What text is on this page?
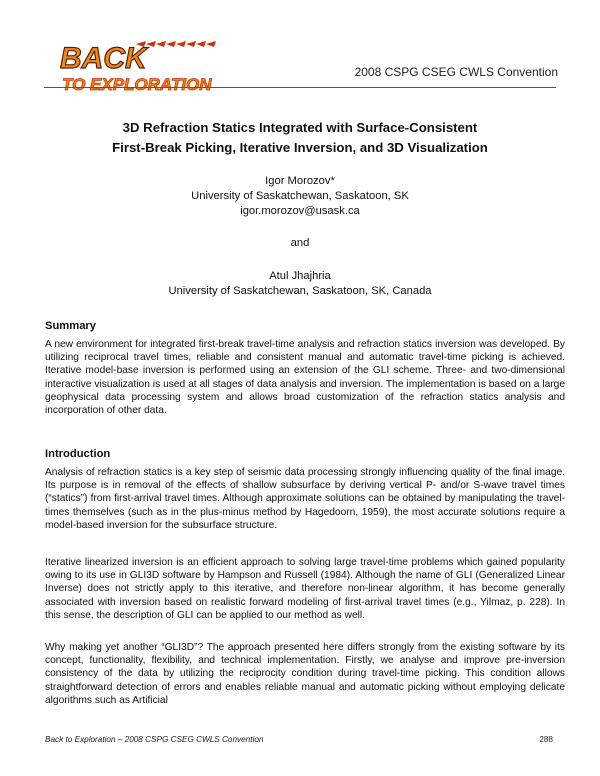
BACK
TO EXPLORATION
2008 CSPG CSEG CWLS Convention
3D Refraction Statics Integrated with Surface-Consistent
First-Break Picking, Iterative Inversion, and 3D Visualization
Igor Morozov*
University of Saskatchewan, Saskatoon, SK
igor.morozov@usask.ca
and
Atul Jhajhria
University of Saskatchewan, Saskatoon, SK, Canada
Summary

A new environment for integrated first-break travel-time analysis and refraction statics inversion was developed. By utilizing reciprocal travel times, reliable and consistent manual and automatic travel-time picking is achieved. Iterative model-base inversion is performed using an extension of the GLI scheme. Three- and two-dimensional interactive visualization is used at all stages of data analysis and inversion. The implementation is based on a large geophysical data processing system and allows broad customization of the refraction statics analysis and incorporation of other data.

Introduction

Analysis of refraction statics is a key step of seismic data processing strongly influencing quality of the final image. Its purpose is in removal of the effects of shallow subsurface by deriving vertical P- and/or S-wave travel times (“statics”) from first-arrival travel times. Although approximate solutions can be obtained by manipulating the travel-times themselves (such as in the plus-minus method by Hagedoorn, 1959), the most accurate solutions require a model-based inversion for the subsurface structure.

Iterative linearized inversion is an efficient approach to solving large travel-time problems which gained popularity owing to its use in GLI3D software by Hampson and Russell (1984). Although the name of GLI (Generalized Linear Inverse) does not strictly apply to this iterative, and therefore non-linear algorithm, it has become generally associated with inversion based on realistic forward modeling of first-arrival travel times (e.g., Yilmaz, p. 228). In this sense, the description of GLI can be applied to our method as well.

Why making yet another “GLI3D”? The approach presented here differs strongly from the existing software by its concept, functionality, flexibility, and technical implementation. Firstly, we analyse and improve pre-inversion consistency of the data by utilizing the reciprocity condition during travel-time picking. This condition allows straightforward detection of errors and enables reliable manual and automatic picking without employing delicate algorithms such as Artificial

Back to Exploration – 2008 CSPG CSEG CWLS Convention	288
